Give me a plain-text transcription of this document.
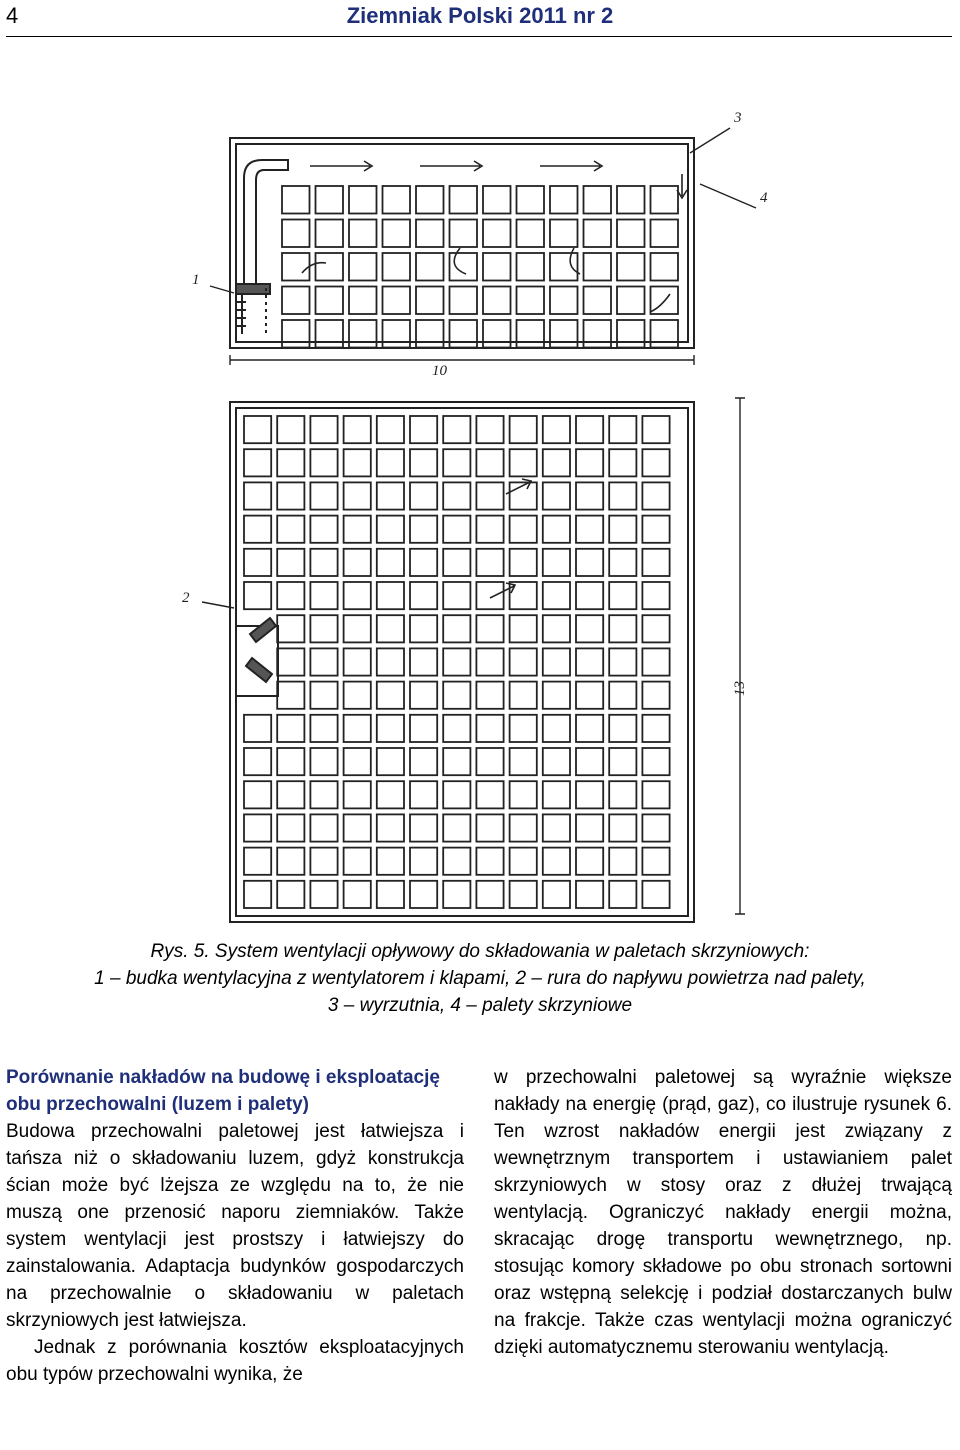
4	Ziemniak Polski 2011 nr 2
3
4
1
10
2
13
Rys. 5. System wentylacji opływowy do składowania w paletach skrzyniowych:
1 – budka wentylacyjna z wentylatorem i klapami, 2 – rura do napływu powietrza nad palety,
3 – wyrzutnia, 4 – palety skrzyniowe
Porównanie nakładów na budowę i eksploatację obu przechowalni (luzem i palety)

Budowa przechowalni paletowej jest łatwiejsza i tańsza niż o składowaniu luzem, gdyż konstrukcja ścian może być lżejsza ze względu na to, że nie muszą one przenosić naporu ziemniaków. Także system wentylacji jest prostszy i łatwiejszy do zainstalowania. Adaptacja budynków gospodarczych na przechowalnie o składowaniu w paletach skrzyniowych jest łatwiejsza.

Jednak z porównania kosztów eksploatacyjnych obu typów przechowalni wynika, że

w przechowalni paletowej są wyraźnie większe nakłady na energię (prąd, gaz), co ilustruje rysunek 6. Ten wzrost nakładów energii jest związany z wewnętrznym transportem i ustawianiem palet skrzyniowych w stosy oraz z dłużej trwającą wentylacją. Ograniczyć nakłady energii można, skracając drogę transportu wewnętrznego, np. stosując komory składowe po obu stronach sortowni oraz wstępną selekcję i podział dostarczanych bulw na frakcje. Także czas wentylacji można ograniczyć dzięki automatycznemu sterowaniu wentylacją.
